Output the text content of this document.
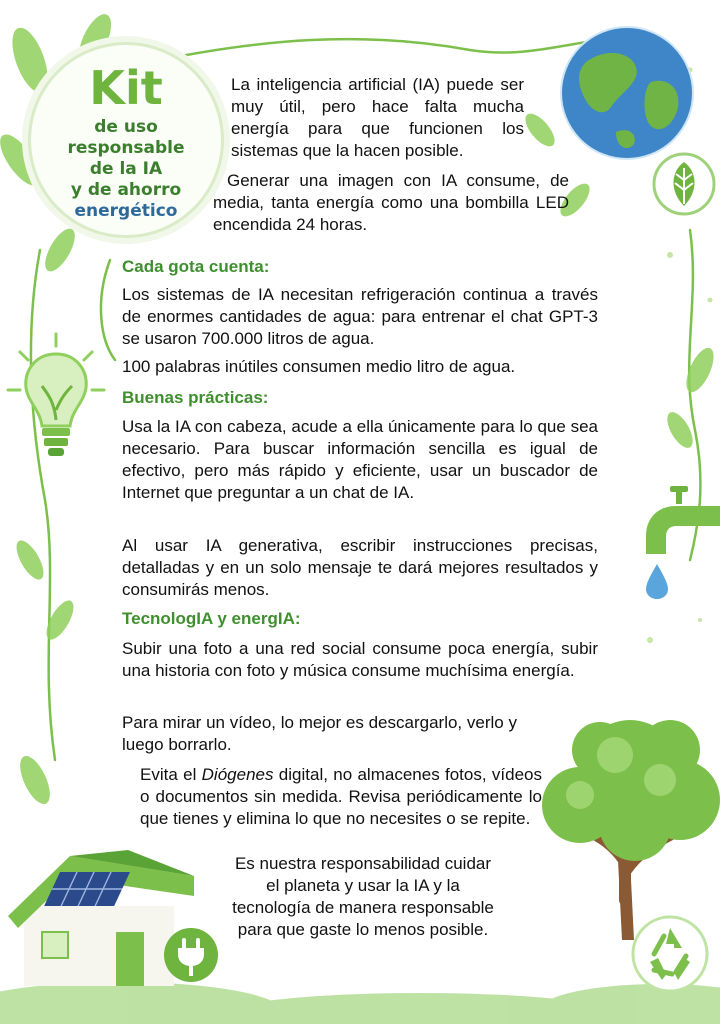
Kit
de uso
responsable
de la IA
y de ahorro
energético

La inteligencia artificial (IA) puede ser muy útil, pero hace falta mucha energía para que funcionen los sistemas que la hacen posible.

Generar una imagen con IA consume, de media, tanta energía como una bombilla LED encendida 24 horas.

Cada gota cuenta:

Los sistemas de IA necesitan refrigeración continua a través de enormes cantidades de agua: para entrenar el chat GPT-3 se usaron 700.000 litros de agua.

100 palabras inútiles consumen medio litro de agua.

Buenas prácticas:

Usa la IA con cabeza, acude a ella únicamente para lo que sea necesario. Para buscar información sencilla es igual de efectivo, pero más rápido y eficiente, usar un buscador de Internet que preguntar a un chat de IA.

Al usar IA generativa, escribir instrucciones precisas, detalladas y en un solo mensaje te dará mejores resultados y consumirás menos.

TecnologIA y energIA:

Subir una foto a una red social consume poca energía, subir una historia con foto y música consume muchísima energía.

Para mirar un vídeo, lo mejor es descargarlo, verlo y luego borrarlo.

Evita el Diógenes digital, no almacenes fotos, vídeos o documentos sin medida. Revisa periódicamente lo que tienes y elimina lo que no necesites o se repite.

Es nuestra responsabilidad cuidar el planeta y usar la IA y la tecnología de manera responsable para que gaste lo menos posible.
